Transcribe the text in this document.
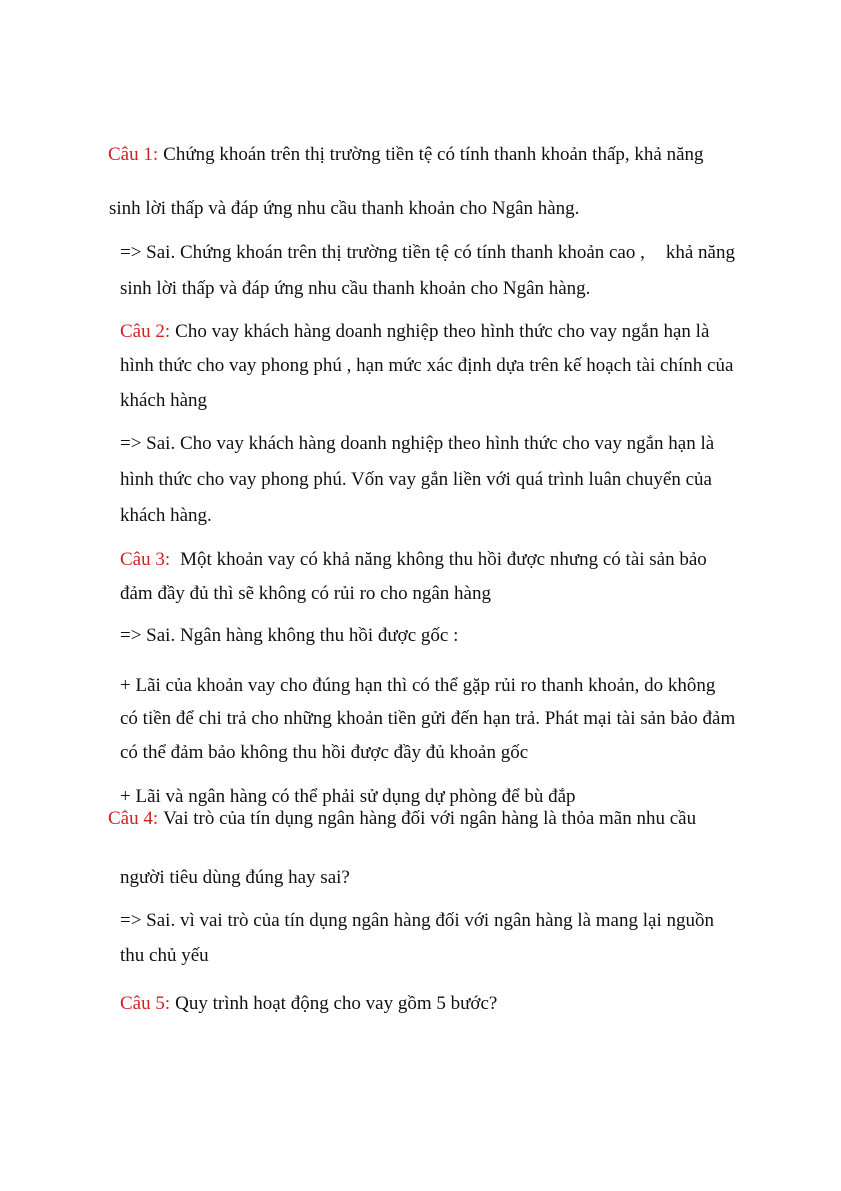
Câu 1: Chứng khoán trên thị trường tiền tệ có tính thanh khoản thấp, khả năng
sinh lời thấp và đáp ứng nhu cầu thanh khoản cho Ngân hàng.
=> Sai. Chứng khoán trên thị trường tiền tệ có tính thanh khoản cao , khả năng
sinh lời thấp và đáp ứng nhu cầu thanh khoản cho Ngân hàng.
Câu 2: Cho vay khách hàng doanh nghiệp theo hình thức cho vay ngắn hạn là
hình thức cho vay phong phú , hạn mức xác định dựa trên kế hoạch tài chính của
khách hàng
=> Sai. Cho vay khách hàng doanh nghiệp theo hình thức cho vay ngắn hạn là
hình thức cho vay phong phú. Vốn vay gắn liền với quá trình luân chuyển của
khách hàng.
Câu 3: Một khoản vay có khả năng không thu hồi được nhưng có tài sản bảo
đảm đầy đủ thì sẽ không có rủi ro cho ngân hàng
=> Sai. Ngân hàng không thu hồi được gốc :
+ Lãi của khoản vay cho đúng hạn thì có thể gặp rủi ro thanh khoản, do không
có tiền để chi trả cho những khoản tiền gửi đến hạn trả. Phát mại tài sản bảo đảm
có thể đảm bảo không thu hồi được đầy đủ khoản gốc
+ Lãi và ngân hàng có thể phải sử dụng dự phòng để bù đắp
Câu 4: Vai trò của tín dụng ngân hàng đối với ngân hàng là thỏa mãn nhu cầu
người tiêu dùng đúng hay sai?
=> Sai. vì vai trò của tín dụng ngân hàng đối với ngân hàng là mang lại nguồn
thu chủ yếu
Câu 5: Quy trình hoạt động cho vay gồm 5 bước?
